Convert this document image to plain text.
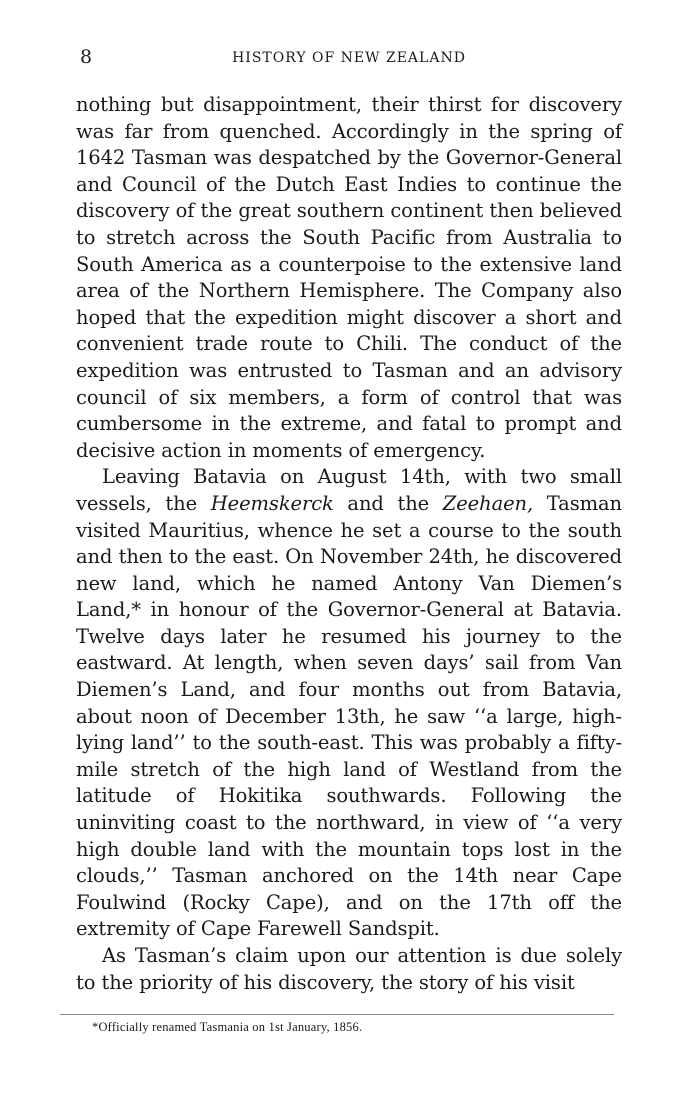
8	HISTORY OF NEW ZEALAND

nothing but disappointment, their thirst for discovery was far from quenched. Accordingly in the spring of 1642 Tasman was despatched by the Governor-General and Council of the Dutch East Indies to continue the discovery of the great southern continent then believed to stretch across the South Pacific from Australia to South America as a counterpoise to the extensive land area of the Northern Hemisphere. The Company also hoped that the expedition might discover a short and convenient trade route to Chili. The conduct of the expedition was entrusted to Tasman and an advisory council of six members, a form of control that was cumbersome in the extreme, and fatal to prompt and decisive action in moments of emergency.

Leaving Batavia on August 14th, with two small vessels, the Heemskerck and the Zeehaen, Tasman visited Mauritius, whence he set a course to the south and then to the east. On November 24th, he discovered new land, which he named Antony Van Diemen’s Land,* in honour of the Governor-General at Batavia. Twelve days later he resumed his journey to the eastward. At length, when seven days’ sail from Van Diemen’s Land, and four months out from Batavia, about noon of December 13th, he saw ‘‘a large, high-lying land’’ to the south-east. This was probably a fifty-mile stretch of the high land of Westland from the latitude of Hokitika southwards. Following the uninviting coast to the northward, in view of ‘‘a very high double land with the mountain tops lost in the clouds,’’ Tasman anchored on the 14th near Cape Foulwind (Rocky Cape), and on the 17th off the extremity of Cape Farewell Sandspit.

As Tasman’s claim upon our attention is due solely to the priority of his discovery, the story of his visit

*Officially renamed Tasmania on 1st January, 1856.
